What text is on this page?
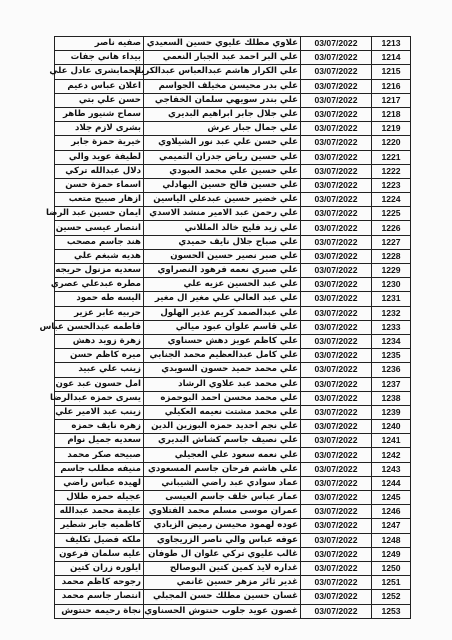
صفيه ناصر	علاوي مطلك عليوي حسين السعيدي	03/07/2022	1213
بيداء هاني جفات	علي البر احمد عبد الجبار النعمي	03/07/2022	1214
الحمابشرى عادل علي	علي الكرار هاشم عبدالعباس عبدالكريم	03/07/2022	1215
اعلان عباس دعيم	علي بدر محيسن مخيلف الجواسم	03/07/2022	1216
حسن علي بتي	علي بندر سويهي سلمان الخفاجي	03/07/2022	1217
سماح شنيور طاهر	علي جلال جابر ابراهيم البديري	03/07/2022	1218
بشرى لازم جلاد	علي جمال جبار عرش	03/07/2022	1219
خيرية حمزة جابر	علي حسن علي عبد نور الشيلاوي	03/07/2022	1220
لطيفة عويد والي	علي حسين رياض جدران التميمي	03/07/2022	1221
دلال عبدالله تركي	علي حسين علي محمد العبودي	03/07/2022	1222
اسماء حمزة حسن	علي حسين فالح حسين البهادلي	03/07/2022	1223
ازهار صبيح متعب	علي خضير حسين عبدعلي الياسين	03/07/2022	1224
ايمان حسين عبد الرضا	علي رحمن عبد الامير منشد الاسدي	03/07/2022	1225
انتصار عيسى حسين	علي زيد فليح خالد المللاني	03/07/2022	1226
هند جاسم مصحب	علي صباح جلال نايف حميدي	03/07/2022	1227
هديه شبغم علي	علي صبر نصير حسين الحسون	03/07/2022	1228
سعديه مزنول حريجه	علي صبري نعمه فرهود النصراوي	03/07/2022	1229
مطره عبدعلي عصري	علي عبد الحسين عزيه علي	03/07/2022	1230
اليسه طه حمود	علي عبد العالي علي مغير ال مغير	03/07/2022	1231
حربيه عابر عزير	علي عبدالصمد كريم عذير الهلول	03/07/2022	1232
فاطمه عبدالحسن عباس	علي قاسم علوان عبود ميالي	03/07/2022	1233
زهرة زويد دهش	علي كاظم عويز دهش حسناوي	03/07/2022	1234
ميره كاظم حسن	علي كامل عبدالعظيم محمد الجنابي	03/07/2022	1235
زينب علي عبيد	علي محمد حميد حسون السويدي	03/07/2022	1236
امل حسون عبد عون	علي محمد عبد علاوي الرشاد	03/07/2022	1237
يسرى حمزه عبدالرضا	علي محمد محسن احمد البوحمزه	03/07/2022	1238
زينب عبد الامير علي	علي محمد مشتت نعيمه العكيلي	03/07/2022	1239
زهره نايف حمزه	علي نجم احديد حمزه البوزين الدين	03/07/2022	1240
سعديه جميل نوام	علي نصيف جاسم كشاش البديري	03/07/2022	1241
صبيحه صكر محمد	علي نعمه سعود علي العجيلي	03/07/2022	1242
منيفه مطلب جاسم	علي هاشم فرحان جاسم المسعودي	03/07/2022	1243
لهيده عباس راضي	عماد سوادي عبد راضي الشيباني	03/07/2022	1244
عجيله حمزه طلال	عمار عباس خلف جاسم العيسى	03/07/2022	1245
عليمة محمد عبدالله	عمران موسى مسلم محمد الفتلاوي	03/07/2022	1246
كاظميه جابر شطير	عوده لهمود محيسن رميض الزيادي	03/07/2022	1247
ملكه فضيل تكليف	عوفه عباس والي ناصر الزريجاوي	03/07/2022	1248
عليه سلمان فرعون	غالب عليوي تركي علوان ال طوفان	03/07/2022	1249
ايلوره زران كتين	غداره لايذ كمين كتين البوصالح	03/07/2022	1250
رجوحه كاظم محمد	غدير ثائر مزهر حسين غانمي	03/07/2022	1251
انتصار جاسم محمد	غسان حسين مطلك حسن المجبلي	03/07/2022	1252
نجاة رحيمه حنتوش	غصون عويد جلوب حنتوش الحسناوي	03/07/2022	1253
